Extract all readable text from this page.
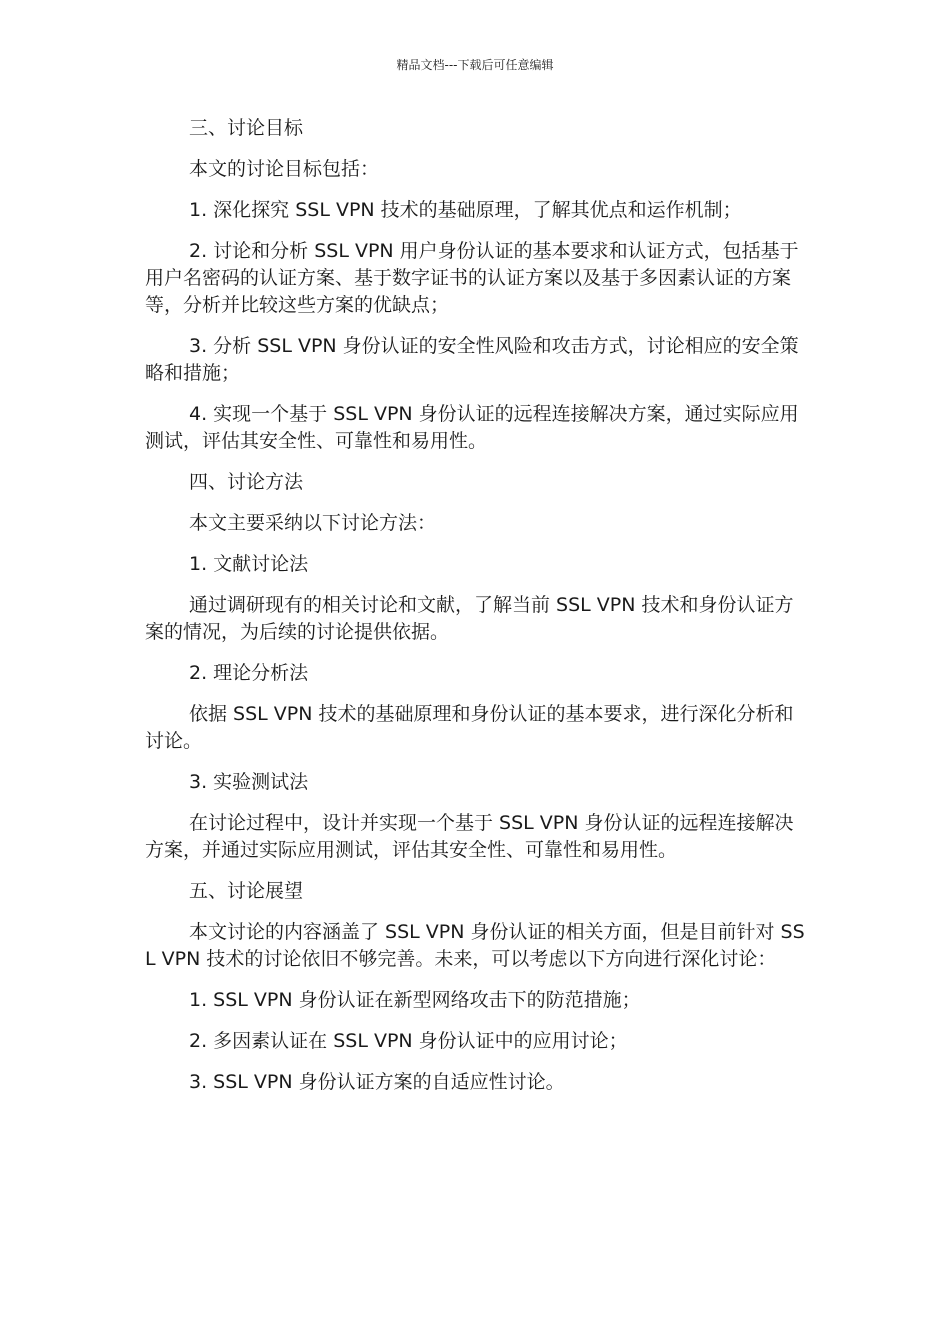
精品文档---下载后可任意编辑

三、讨论目标

本文的讨论目标包括：

1. 深化探究 SSL VPN 技术的基础原理，了解其优点和运作机制；

2. 讨论和分析 SSL VPN 用户身份认证的基本要求和认证方式，包括基于用户名密码的认证方案、基于数字证书的认证方案以及基于多因素认证的方案等，分析并比较这些方案的优缺点；

3. 分析 SSL VPN 身份认证的安全性风险和攻击方式，讨论相应的安全策略和措施；

4. 实现一个基于 SSL VPN 身份认证的远程连接解决方案，通过实际应用测试，评估其安全性、可靠性和易用性。

四、讨论方法

本文主要采纳以下讨论方法：

1. 文献讨论法

通过调研现有的相关讨论和文献，了解当前 SSL VPN 技术和身份认证方案的情况，为后续的讨论提供依据。

2. 理论分析法

依据 SSL VPN 技术的基础原理和身份认证的基本要求，进行深化分析和讨论。

3. 实验测试法

在讨论过程中，设计并实现一个基于 SSL VPN 身份认证的远程连接解决方案，并通过实际应用测试，评估其安全性、可靠性和易用性。

五、讨论展望

本文讨论的内容涵盖了 SSL VPN 身份认证的相关方面，但是目前针对 SSL VPN 技术的讨论依旧不够完善。未来，可以考虑以下方向进行深化讨论：

1. SSL VPN 身份认证在新型网络攻击下的防范措施；

2. 多因素认证在 SSL VPN 身份认证中的应用讨论；

3. SSL VPN 身份认证方案的自适应性讨论。
